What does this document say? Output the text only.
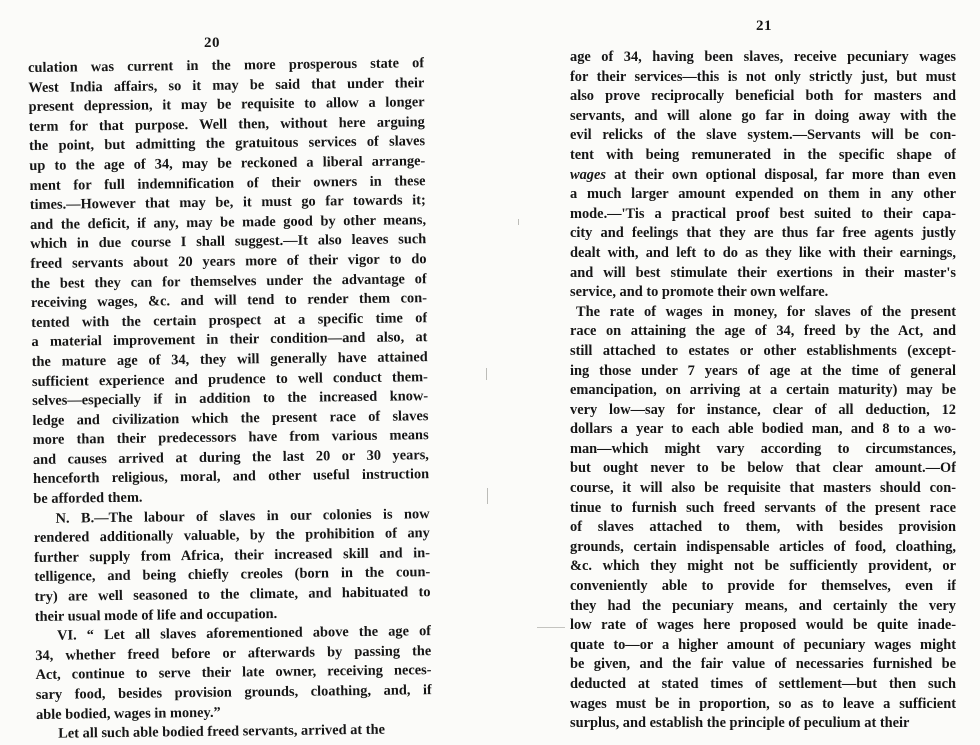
20
culation was current in the more prosperous state of
West India affairs, so it may be said that under their
present depression, it may be requisite to allow a longer
term for that purpose. Well then, without here arguing
the point, but admitting the gratuitous services of slaves
up to the age of 34, may be reckoned a liberal arrange-
ment for full indemnification of their owners in these
times.—However that may be, it must go far towards it;
and the deficit, if any, may be made good by other means,
which in due course I shall suggest.—It also leaves such
freed servants about 20 years more of their vigor to do
the best they can for themselves under the advantage of
receiving wages, &c. and will tend to render them con-
tented with the certain prospect at a specific time of
a material improvement in their condition—and also, at
the mature age of 34, they will generally have attained
sufficient experience and prudence to well conduct them-
selves—especially if in addition to the increased know-
ledge and civilization which the present race of slaves
more than their predecessors have from various means
and causes arrived at during the last 20 or 30 years,
henceforth religious, moral, and other useful instruction
be afforded them.
N. B.—The labour of slaves in our colonies is now
rendered additionally valuable, by the prohibition of any
further supply from Africa, their increased skill and in-
telligence, and being chiefly creoles (born in the coun-
try) are well seasoned to the climate, and habituated to
their usual mode of life and occupation.
VI. “ Let all slaves aforementioned above the age of
34, whether freed before or afterwards by passing the
Act, continue to serve their late owner, receiving neces-
sary food, besides provision grounds, cloathing, and, if
able bodied, wages in money.”
Let all such able bodied freed servants, arrived at the
21
age of 34, having been slaves, receive pecuniary wages
for their services—this is not only strictly just, but must
also prove reciprocally beneficial both for masters and
servants, and will alone go far in doing away with the
evil relicks of the slave system.—Servants will be con-
tent with being remunerated in the specific shape of
wages at their own optional disposal, far more than even
a much larger amount expended on them in any other
mode.—'Tis a practical proof best suited to their capa-
city and feelings that they are thus far free agents justly
dealt with, and left to do as they like with their earnings,
and will best stimulate their exertions in their master's
service, and to promote their own welfare.
The rate of wages in money, for slaves of the present
race on attaining the age of 34, freed by the Act, and
still attached to estates or other establishments (except-
ing those under 7 years of age at the time of general
emancipation, on arriving at a certain maturity) may be
very low—say for instance, clear of all deduction, 12
dollars a year to each able bodied man, and 8 to a wo-
man—which might vary according to circumstances,
but ought never to be below that clear amount.—Of
course, it will also be requisite that masters should con-
tinue to furnish such freed servants of the present race
of slaves attached to them, with besides provision
grounds, certain indispensable articles of food, cloathing,
&c. which they might not be sufficiently provident, or
conveniently able to provide for themselves, even if
they had the pecuniary means, and certainly the very
low rate of wages here proposed would be quite inade-
quate to—or a higher amount of pecuniary wages might
be given, and the fair value of necessaries furnished be
deducted at stated times of settlement—but then such
wages must be in proportion, so as to leave a sufficient
surplus, and establish the principle of peculium at their
